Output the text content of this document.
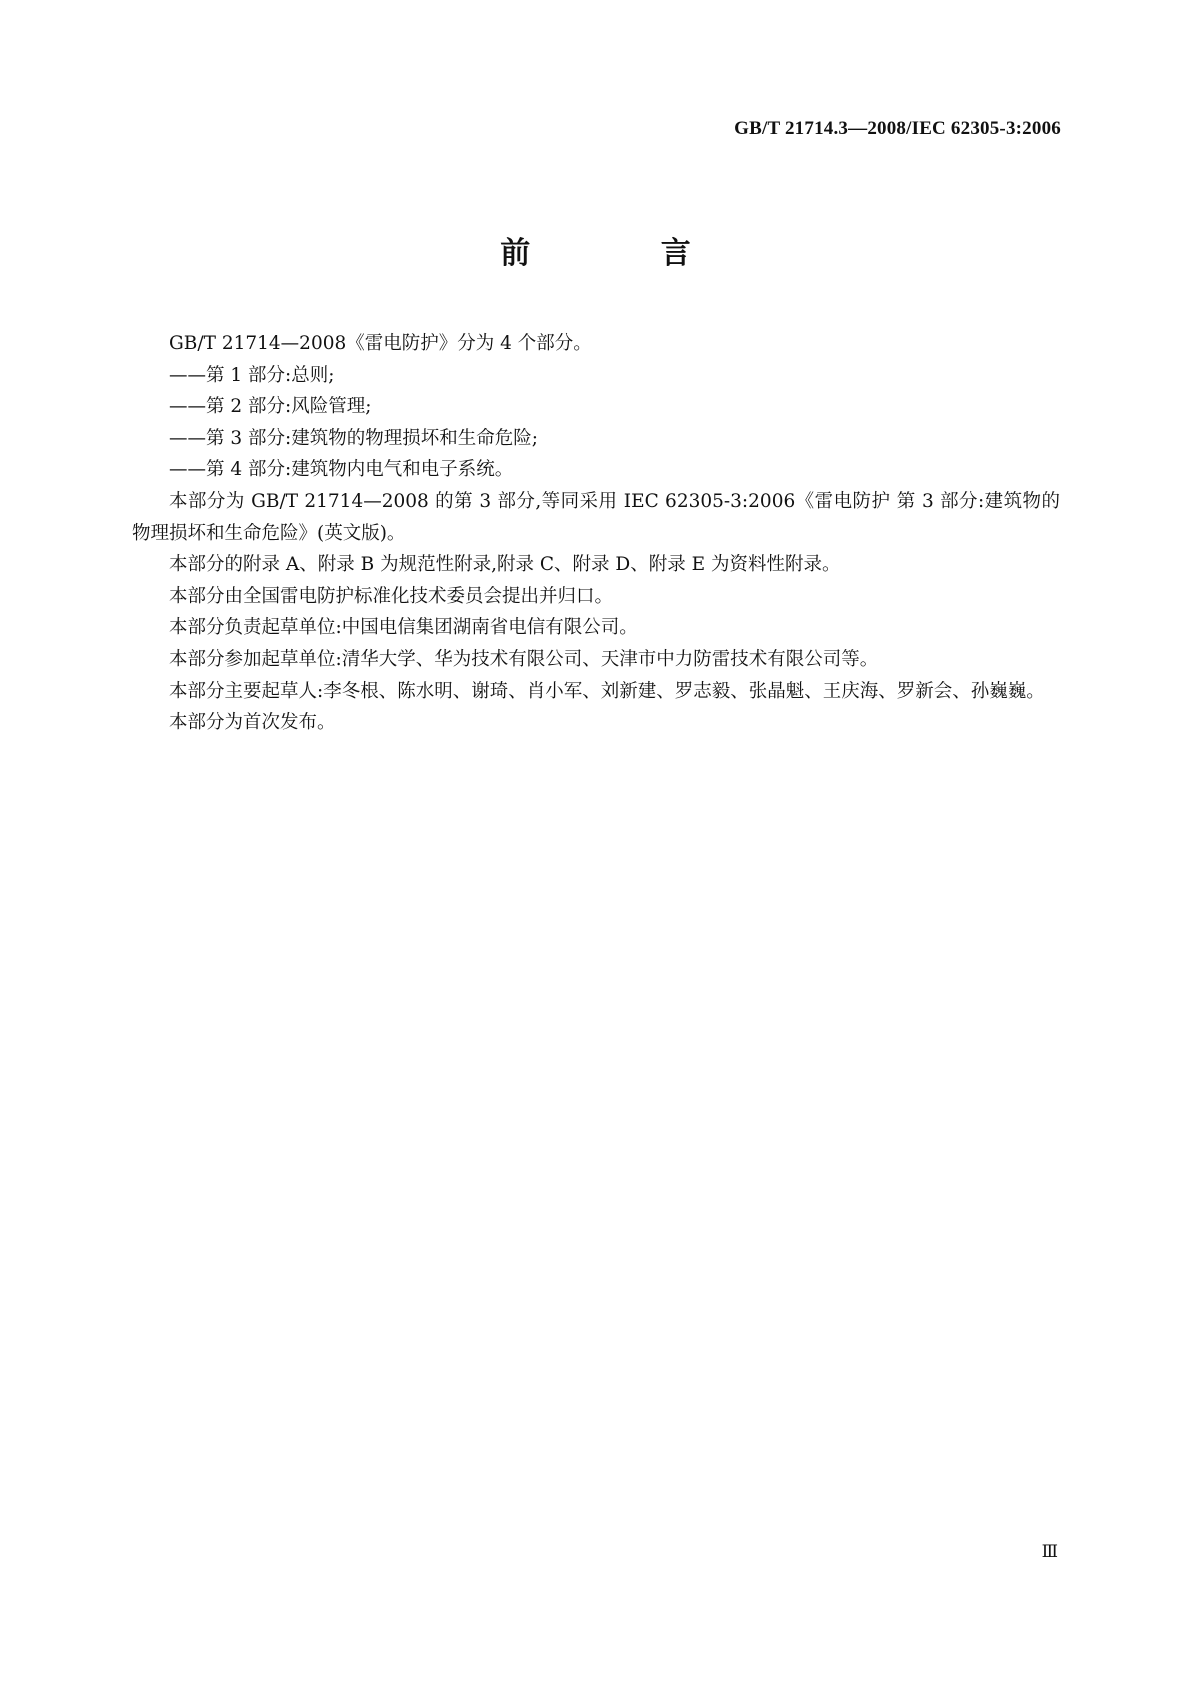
GB/T 21714.3—2008/IEC 62305-3:2006
前 言

GB/T 21714—2008《雷电防护》分为 4 个部分。

——第 1 部分:总则;

——第 2 部分:风险管理;

——第 3 部分:建筑物的物理损坏和生命危险;

——第 4 部分:建筑物内电气和电子系统。

本部分为 GB/T 21714—2008 的第 3 部分,等同采用 IEC 62305-3:2006《雷电防护 第 3 部分:建筑物的物理损坏和生命危险》(英文版)。

本部分的附录 A、附录 B 为规范性附录,附录 C、附录 D、附录 E 为资料性附录。

本部分由全国雷电防护标准化技术委员会提出并归口。

本部分负责起草单位:中国电信集团湖南省电信有限公司。

本部分参加起草单位:清华大学、华为技术有限公司、天津市中力防雷技术有限公司等。

本部分主要起草人:李冬根、陈水明、谢琦、肖小军、刘新建、罗志毅、张晶魁、王庆海、罗新会、孙巍巍。

本部分为首次发布。

Ⅲ
